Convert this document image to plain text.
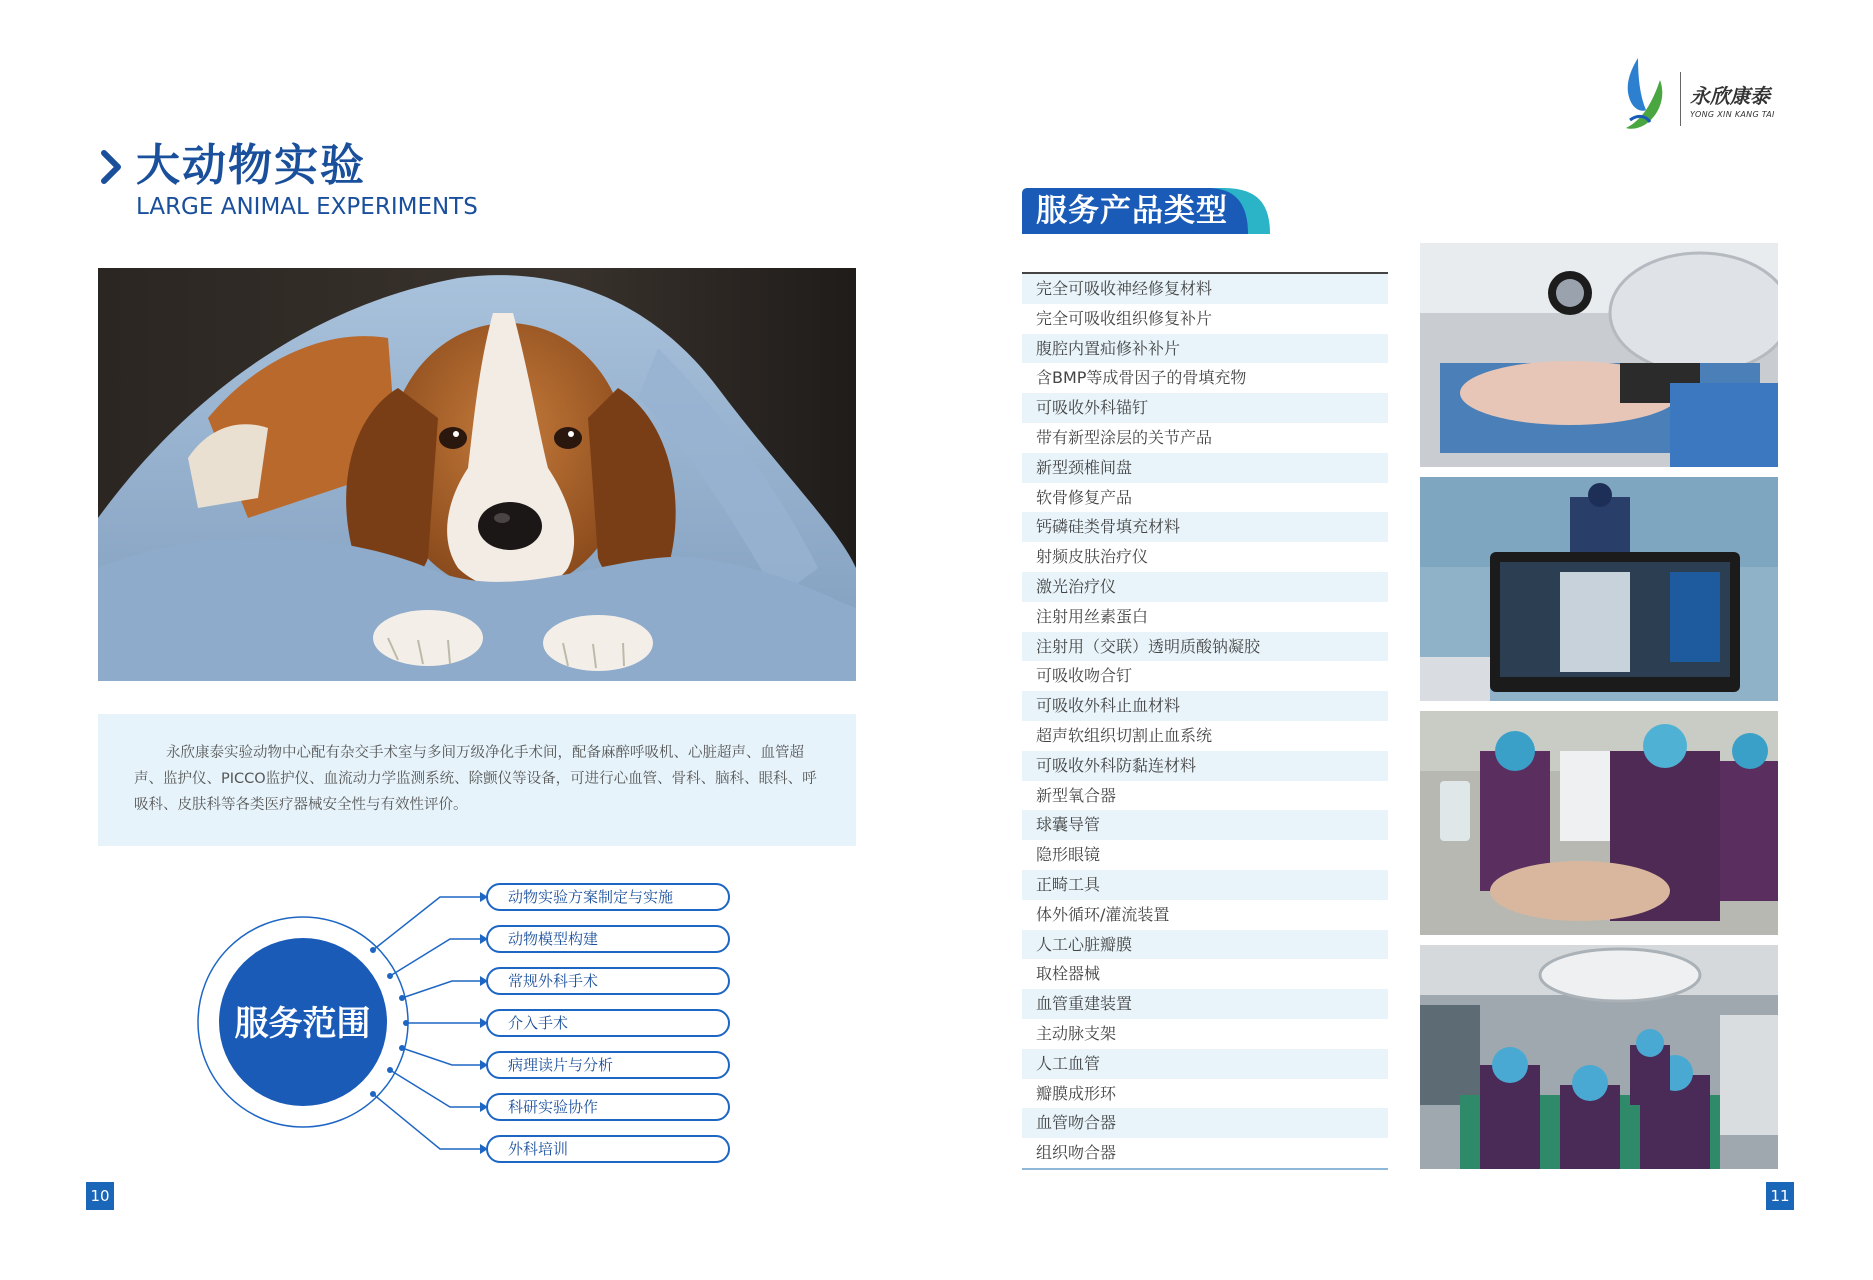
大动物实验
LARGE ANIMAL EXPERIMENTS
永欣康泰实验动物中心配有杂交手术室与多间万级净化手术间，配备麻醉呼吸机、心脏超声、血管超声、监护仪、PICCO监护仪、血流动力学监测系统、除颤仪等设备，可进行心血管、骨科、脑科、眼科、呼吸科、皮肤科等各类医疗器械安全性与有效性评价。
服务范围
动物实验方案制定与实施
动物模型构建
常规外科手术
介入手术
病理读片与分析
科研实验协作
外科培训
10
永欣康泰
YONG XIN KANG TAI
服务产品类型
完全可吸收神经修复材料
完全可吸收组织修复补片
腹腔内置疝修补补片
含BMP等成骨因子的骨填充物
可吸收外科锚钉
带有新型涂层的关节产品
新型颈椎间盘
软骨修复产品
钙磷硅类骨填充材料
射频皮肤治疗仪
激光治疗仪
注射用丝素蛋白
注射用（交联）透明质酸钠凝胶
可吸收吻合钉
可吸收外科止血材料
超声软组织切割止血系统
可吸收外科防黏连材料
新型氧合器
球囊导管
隐形眼镜
正畸工具
体外循环/灌流装置
人工心脏瓣膜
取栓器械
血管重建装置
主动脉支架
人工血管
瓣膜成形环
血管吻合器
组织吻合器
11
